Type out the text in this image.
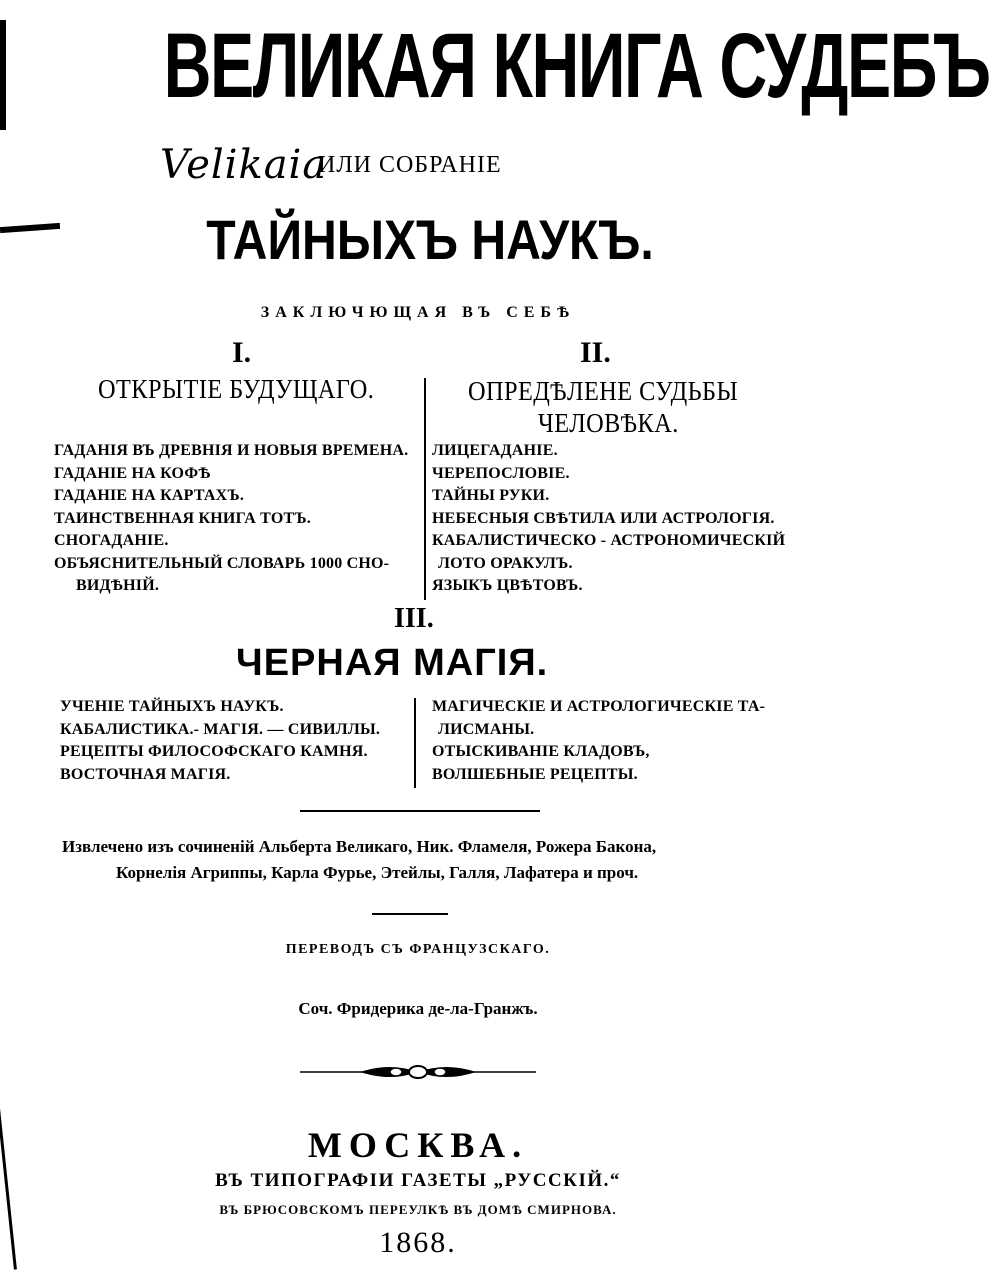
ВЕЛИКАЯ КНИГА СУДЕБЪ
Velikaia
ИЛИ СОБРАНIЕ
ТАЙНЫХЪ НАУКЪ.
ЗАКЛЮЧЮЩАЯ ВЪ СЕБѢ
I.
ОТКРЫТIЕ БУДУЩАГО.
ГАДАНIЯ ВЪ ДРЕВНIЯ И НОВЫЯ ВРЕМЕНА.
ГАДАНIЕ НА КОФѢ
ГАДАНIЕ НА КАРТАХЪ.
ТАИНСТВЕННАЯ КНИГА ТОТЪ.
СНОГАДАНIЕ.
ОБЪЯСНИТЕЛЬНЫЙ СЛОВАРЬ 1000 СНО-
ВИДѢНIЙ.
II.
ОПРЕДѢЛЕНЕ СУДЬБЫ
ЧЕЛОВѢКА.
ЛИЦЕГАДАНIЕ.
ЧЕРЕПОСЛОВIЕ.
ТАЙНЫ РУКИ.
НЕБЕСНЫЯ СВѢТИЛА ИЛИ АСТРОЛОГIЯ.
КАБАЛИСТИЧЕСКО - АСТРОНОМИЧЕСКIЙ
ЛОТО ОРАКУЛЪ.
ЯЗЫКЪ ЦВѢТОВЪ.
III.
ЧЕРНАЯ МАГIЯ.
УЧЕНIЕ ТАЙНЫХЪ НАУКЪ.
КАБАЛИСТИКА.- МАГIЯ. — СИВИЛЛЫ.
РЕЦЕПТЫ ФИЛОСОФСКАГО КАМНЯ.
ВОСТОЧНАЯ МАГIЯ.
МАГИЧЕСКIЕ И АСТРОЛОГИЧЕСКIЕ ТА-
ЛИСМАНЫ.
ОТЫСКИВАНIЕ КЛАДОВЪ,
ВОЛШЕБНЫЕ РЕЦЕПТЫ.
Извлечено изъ сочиненiй Альберта Великаго, Ник. Фламеля, Рожера Бакона,
Корнелiя Агриппы, Карла Фурье, Этейлы, Галля, Лафатера и проч.
ПЕРЕВОДЪ СЪ ФРАНЦУЗСКАГО.
Соч. Фридерика де-ла-Гранжъ.
МОСКВА.
ВЪ ТИПОГРАФIИ ГАЗЕТЫ „РУССКIЙ.“
ВЪ БРЮСОВСКОМЪ ПЕРЕУЛКѢ ВЪ ДОМѢ СМИРНОВА.
1868.
